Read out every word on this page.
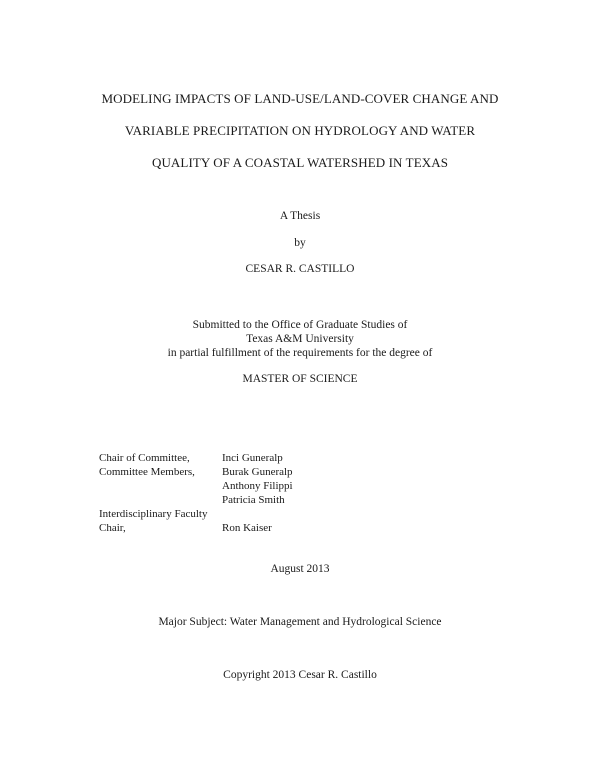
MODELING IMPACTS OF LAND-USE/LAND-COVER CHANGE AND
VARIABLE PRECIPITATION ON HYDROLOGY AND WATER
QUALITY OF A COASTAL WATERSHED IN TEXAS
A Thesis
by
CESAR R. CASTILLO
Submitted to the Office of Graduate Studies of
Texas A&M University
in partial fulfillment of the requirements for the degree of
MASTER OF SCIENCE
Chair of Committee,	Inci Guneralp
Committee Members,	Burak Guneralp
Anthony Filippi
Patricia Smith
Interdisciplinary Faculty
Chair,	Ron Kaiser
August 2013
Major Subject: Water Management and Hydrological Science
Copyright 2013 Cesar R. Castillo
